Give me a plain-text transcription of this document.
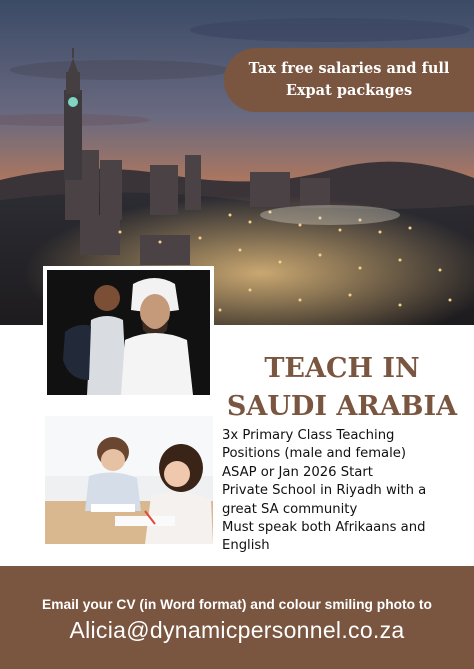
Tax free salaries and full
Expat packages
TEACH IN
SAUDI ARABIA
3x Primary Class Teaching
Positions (male and female)
ASAP or Jan 2026 Start
Private School in Riyadh with a
great SA community
Must speak both Afrikaans and
English
Email your CV (in Word format) and colour smiling photo to
Alicia@dynamicpersonnel.co.za
